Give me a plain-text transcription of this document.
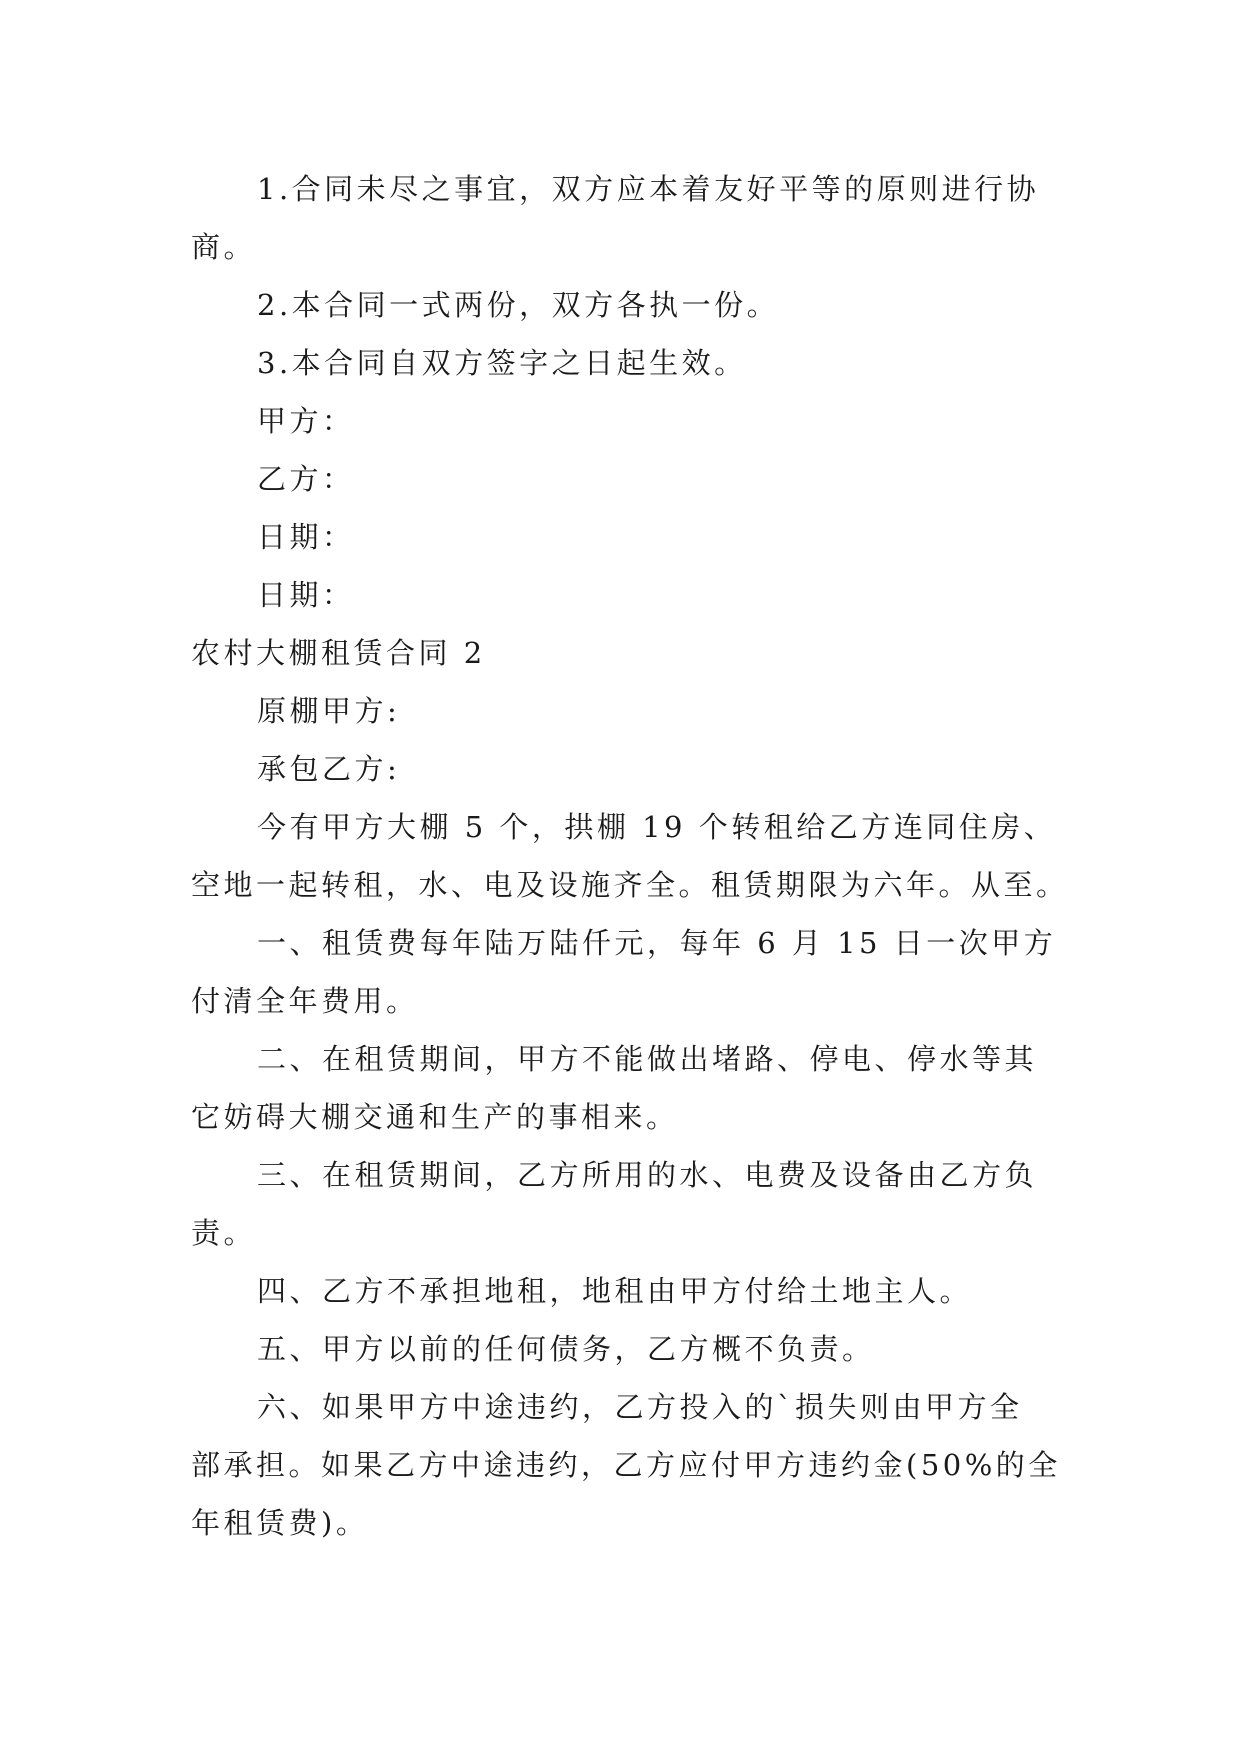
1.合同未尽之事宜，双方应本着友好平等的原则进行协

商。

2.本合同一式两份，双方各执一份。

3.本合同自双方签字之日起生效。

甲方：

乙方：

日期：

日期：

农村大棚租赁合同 2

原棚甲方:

承包乙方:

今有甲方大棚 5 个，拱棚 19 个转租给乙方连同住房、

空地一起转租，水、电及设施齐全。租赁期限为六年。从至。

一、租赁费每年陆万陆仟元，每年 6 月 15 日一次甲方

付清全年费用。

二、在租赁期间，甲方不能做出堵路、停电、停水等其

它妨碍大棚交通和生产的事相来。

三、在租赁期间，乙方所用的水、电费及设备由乙方负

责。

四、乙方不承担地租，地租由甲方付给土地主人。

五、甲方以前的任何债务，乙方概不负责。

六、如果甲方中途违约，乙方投入的`损失则由甲方全

部承担。如果乙方中途违约，乙方应付甲方违约金(50%的全

年租赁费)。
